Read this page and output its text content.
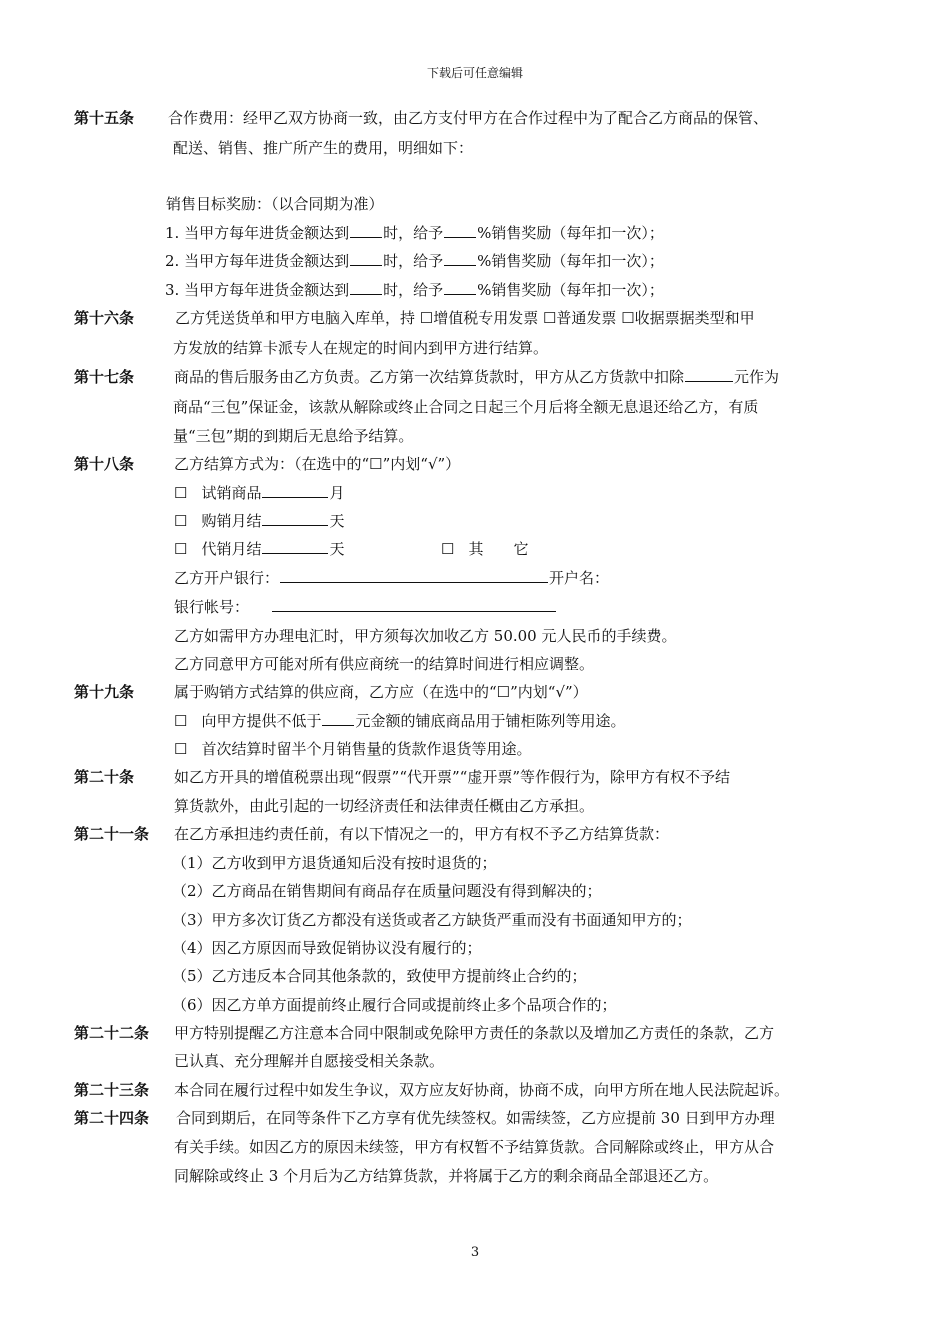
下载后可任意编辑
第十五条 合作费用：经甲乙双方协商一致，由乙方支付甲方在合作过程中为了配合乙方商品的保管、
配送、销售、推广所产生的费用，明细如下：
销售目标奖励：（以合同期为准）
1. 当甲方每年进货金额达到 时，给予 %销售奖励（每年扣一次）；
2. 当甲方每年进货金额达到 时，给予 %销售奖励（每年扣一次）；
3. 当甲方每年进货金额达到 时，给予 %销售奖励（每年扣一次）；
第十六条	乙方凭送货单和甲方电脑入库单，持 ☐增值税专用发票 ☐普通发票 ☐收据票据类型和甲
方发放的结算卡派专人在规定的时间内到甲方进行结算。
第十七条	商品的售后服务由乙方负责。乙方第一次结算货款时，甲方从乙方货款中扣除	元作为
商品“三包”保证金，该款从解除或终止合同之日起三个月后将全额无息退还给乙方，有质
量“三包”期的到期后无息给予结算。
第十八条	乙方结算方式为：（在选中的“☐”内划“√”）
☐ 试销商品	月
☐ 购销月结	天
☐ 代销月结	天	☐ 其　　它
乙方开户银行：	开户名：
银行帐号：
乙方如需甲方办理电汇时，甲方须每次加收乙方 50.00 元人民币的手续费。
乙方同意甲方可能对所有供应商统一的结算时间进行相应调整。
第十九条	属于购销方式结算的供应商，乙方应（在选中的“☐”内划“√”）
☐ 向甲方提供不低于 元金额的铺底商品用于铺柜陈列等用途。
☐ 首次结算时留半个月销售量的货款作退货等用途。
第二十条	如乙方开具的增值税票出现“假票”“代开票”“虚开票”等作假行为，除甲方有权不予结
算货款外，由此引起的一切经济责任和法律责任概由乙方承担。
第二十一条 在乙方承担违约责任前，有以下情况之一的，甲方有权不予乙方结算货款：
（1）乙方收到甲方退货通知后没有按时退货的；
（2）乙方商品在销售期间有商品存在质量问题没有得到解决的；
（3）甲方多次订货乙方都没有送货或者乙方缺货严重而没有书面通知甲方的；
（4）因乙方原因而导致促销协议没有履行的；
（5）乙方违反本合同其他条款的，致使甲方提前终止合约的；
（6）因乙方单方面提前终止履行合同或提前终止多个品项合作的；
第二十二条 甲方特别提醒乙方注意本合同中限制或免除甲方责任的条款以及增加乙方责任的条款，乙方
已认真、充分理解并自愿接受相关条款。
第二十三条 本合同在履行过程中如发生争议，双方应友好协商，协商不成，向甲方所在地人民法院起诉。
第二十四条 合同到期后，在同等条件下乙方享有优先续签权。如需续签，乙方应提前 30 日到甲方办理
有关手续。如因乙方的原因未续签，甲方有权暂不予结算货款。合同解除或终止，甲方从合
同解除或终止 3 个月后为乙方结算货款，并将属于乙方的剩余商品全部退还乙方。
3
